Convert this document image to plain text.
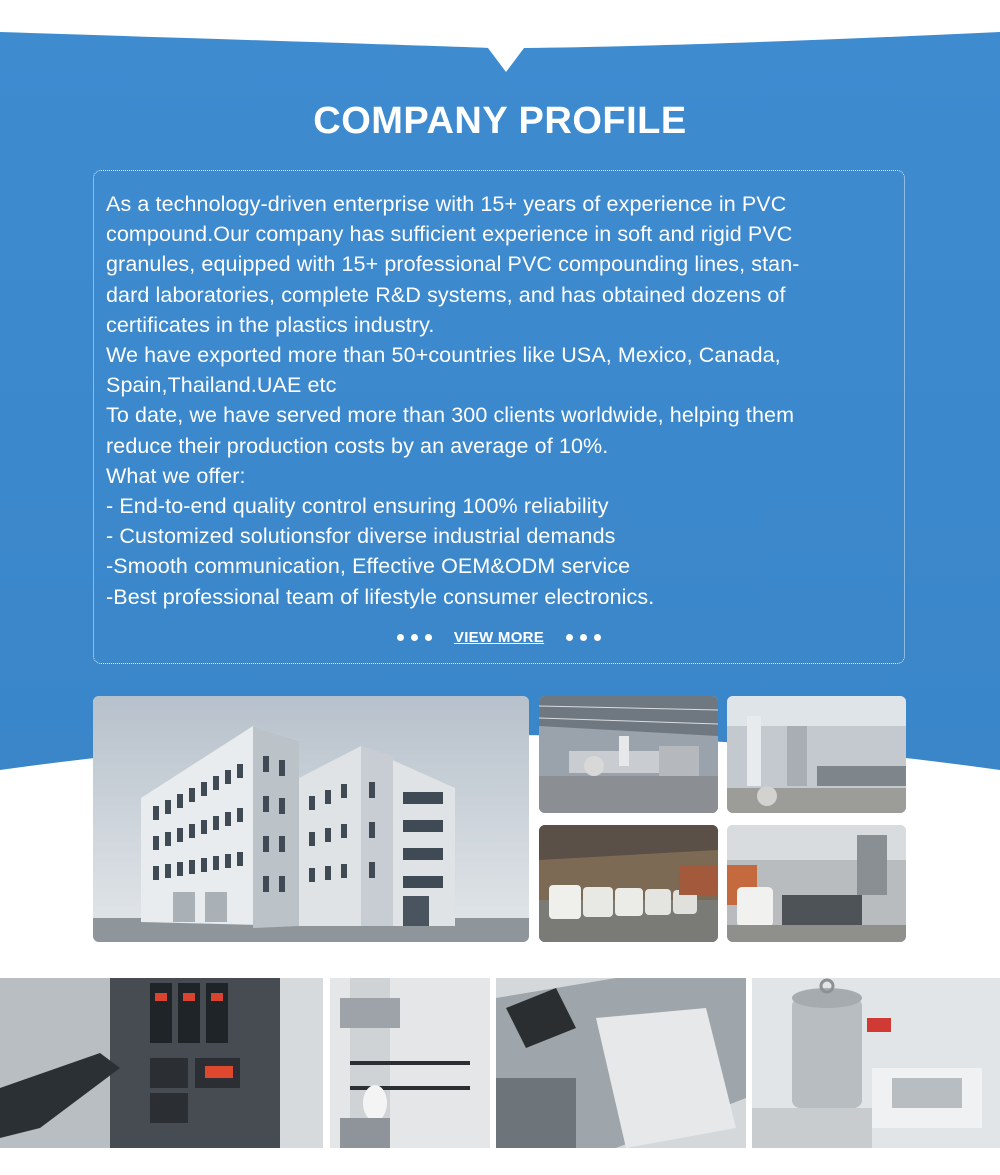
COMPANY PROFILE
As a technology-driven enterprise with 15+ years of experience in PVC
compound.Our company has sufficient experience in soft and rigid PVC
granules, equipped with 15+ professional PVC compounding lines, stan-
dard laboratories, complete R&D systems, and has obtained dozens of
certificates in the plastics industry.
We have exported more than 50+countries like USA, Mexico, Canada,
Spain,Thailand.UAE etc
To date, we have served more than 300 clients worldwide, helping them
reduce their production costs by an average of 10%.
What we offer:
- End-to-end quality control ensuring 100% reliability
- Customized solutionsfor diverse industrial demands
-Smooth communication, Effective OEM&ODM service
-Best professional team of lifestyle consumer electronics.
VIEW MORE
